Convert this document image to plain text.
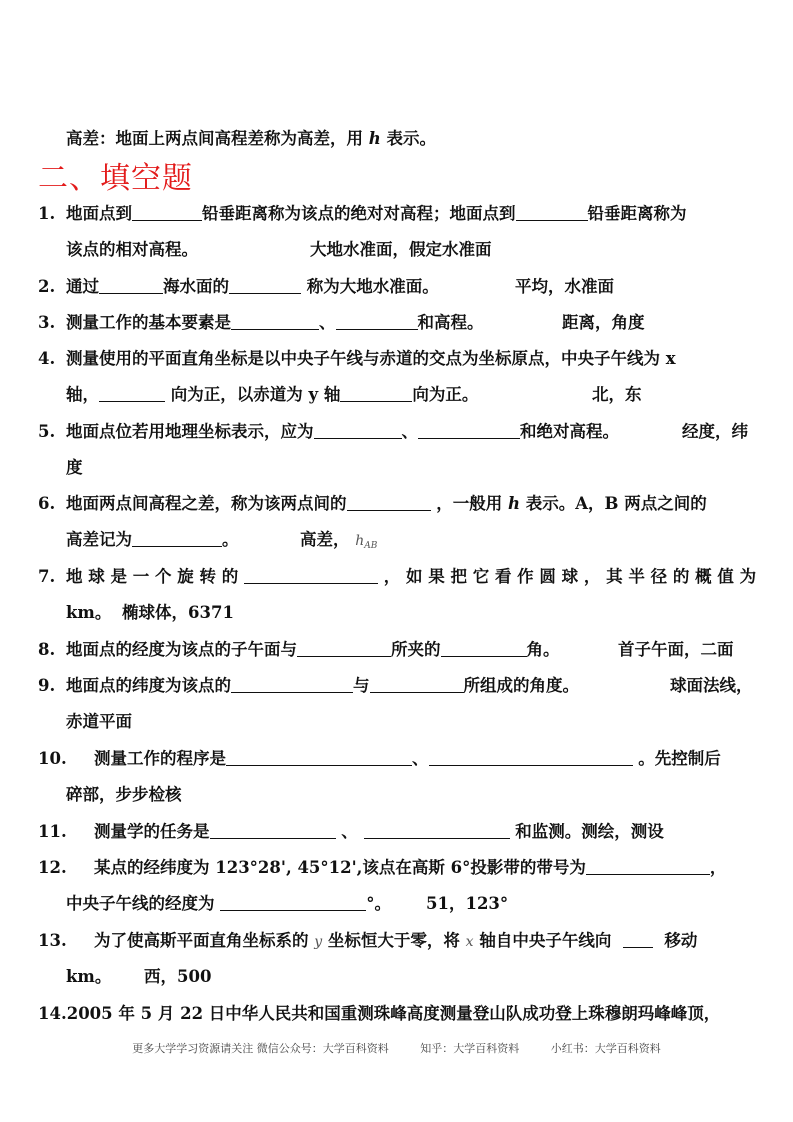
高差：地面上两点间高程差称为高差，用 h 表示。
二、填空题
1. 地面点到	铅垂距离称为该点的绝对对高程；地面点到	铅垂距离称为
该点的相对高程。	大地水准面，假定水准面
2. 通过	海水面的	称为大地水准面。	平均，水准面
3. 测量工作的基本要素是	、	和高程。	距离，角度
4. 测量使用的平面直角坐标是以中央子午线与赤道的交点为坐标原点，中央子午线为 x
轴，	向为正，以赤道为 y 轴	向为正。	北，东
5. 地面点位若用地理坐标表示，应为	、	和绝对高程。	经度，纬
度
6. 地面两点间高程之差，称为该两点间的	，一般用 h 表示。A，B 两点之间的
高差记为	。	高差， $h_{AB}$
7. 地 球 是 一 个 旋 转 的	， 如 果 把 它 看 作 圆 球 ， 其 半 径 的 概 值 为
km。 椭球体，6371
8. 地面点的经度为该点的子午面与	所夹的	角。	首子午面，二面
9. 地面点的纬度为该点的	与	所组成的角度。	球面法线，
赤道平面
10. 测量工作的程序是	、	。先控制后
碎部，步步检核
11. 测量学的任务是	、	和监测。测绘，测设
12. 某点的经纬度为 123°28', 45°12',该点在高斯 6°投影带的带号为	，
中央子午线的经度为	°。 51，123°
13. 为了使高斯平面直角坐标系的 y 坐标恒大于零，将 x 轴自中央子午线向	移动
km。 西，500
14.2005 年 5 月 22 日中华人民共和国重测珠峰高度测量登山队成功登上珠穆朗玛峰峰顶，
更多大学学习资源请关注 微信公众号：大学百科资料	知乎：大学百科资料	小红书：大学百科资料
